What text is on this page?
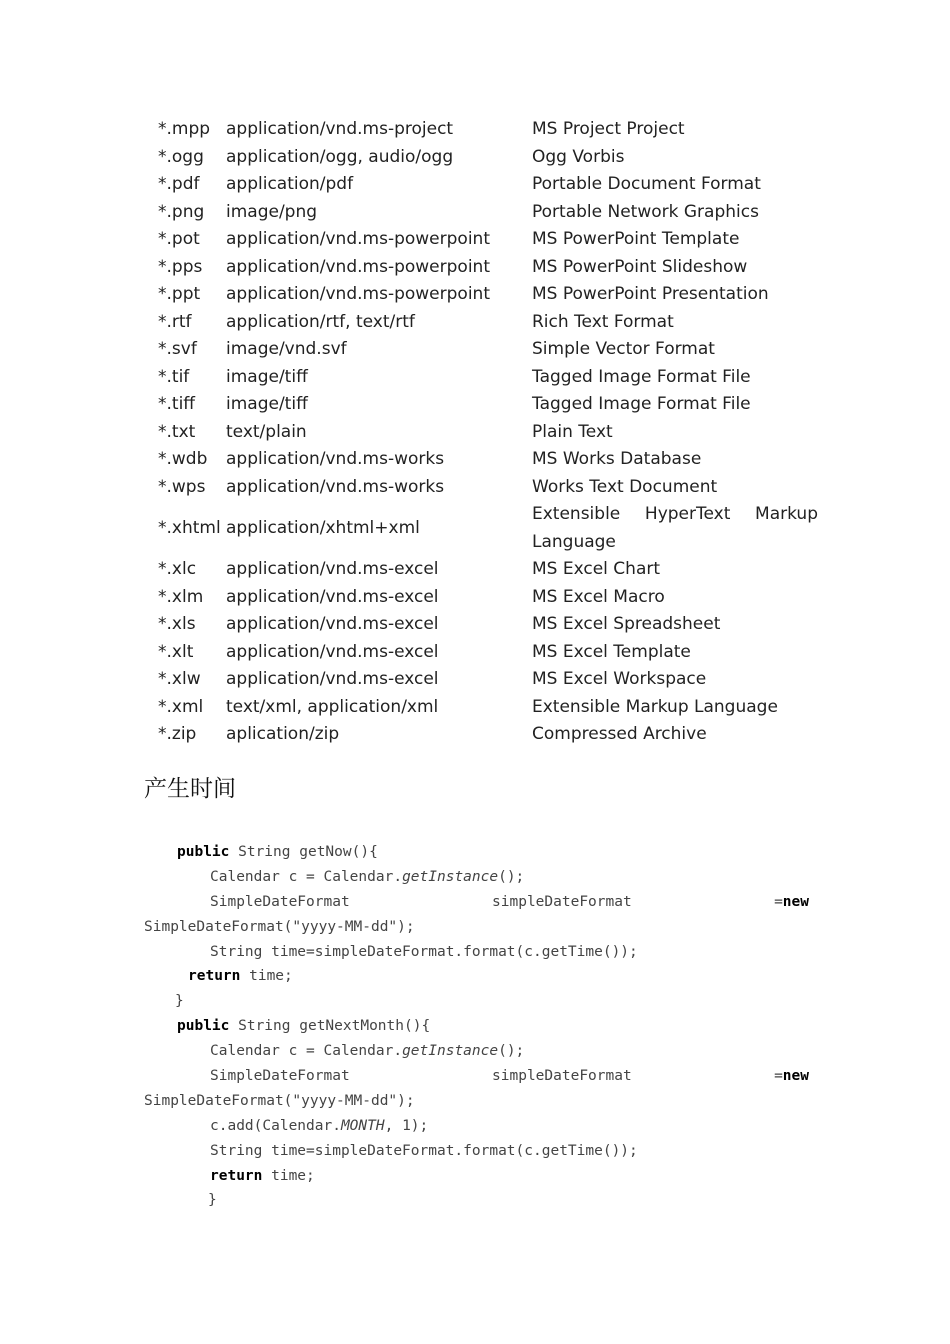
*.mpp	application/vnd.ms-project	MS Project Project
*.ogg	application/ogg, audio/ogg	Ogg Vorbis
*.pdf	application/pdf	Portable Document Format
*.png	image/png	Portable Network Graphics
*.pot	application/vnd.ms-powerpoint	MS PowerPoint Template
*.pps	application/vnd.ms-powerpoint	MS PowerPoint Slideshow
*.ppt	application/vnd.ms-powerpoint	MS PowerPoint Presentation
*.rtf	application/rtf, text/rtf	Rich Text Format
*.svf	image/vnd.svf	Simple Vector Format
*.tif	image/tiff	Tagged Image Format File
*.tiff	image/tiff	Tagged Image Format File
*.txt	text/plain	Plain Text
*.wdb	application/vnd.ms-works	MS Works Database
*.wps	application/vnd.ms-works	Works Text Document
*.xhtml	application/xhtml+xml	Extensible HyperText Markup Language
*.xlc	application/vnd.ms-excel	MS Excel Chart
*.xlm	application/vnd.ms-excel	MS Excel Macro
*.xls	application/vnd.ms-excel	MS Excel Spreadsheet
*.xlt	application/vnd.ms-excel	MS Excel Template
*.xlw	application/vnd.ms-excel	MS Excel Workspace
*.xml	text/xml, application/xml	Extensible Markup Language
*.zip	aplication/zip	Compressed Archive
产生时间
public String getNow(){
Calendar c = Calendar.getInstance();
SimpleDateFormat	simpleDateFormat	=new
SimpleDateFormat("yyyy-MM-dd");
String time=simpleDateFormat.format(c.getTime());
return time;
}
public String getNextMonth(){
Calendar c = Calendar.getInstance();
SimpleDateFormat	simpleDateFormat	=new
SimpleDateFormat("yyyy-MM-dd");
c.add(Calendar.MONTH, 1);
String time=simpleDateFormat.format(c.getTime());
return time;
}
